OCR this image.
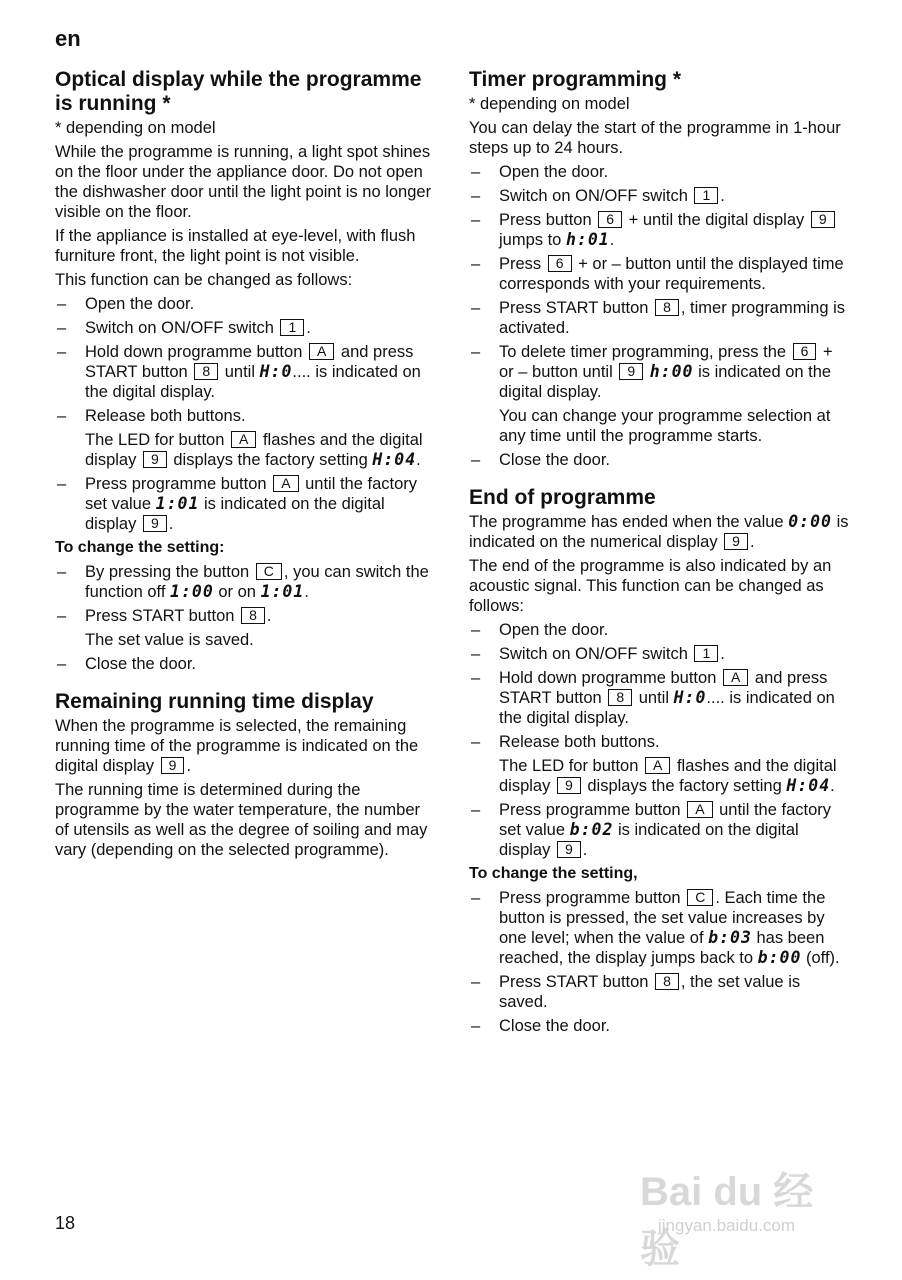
en
Optical display while the programme is running *

* depending on model

While the programme is running, a light spot shines on the floor under the appliance door. Do not open the dishwasher door until the light point is no longer visible on the floor.

If the appliance is installed at eye-level, with flush furniture front, the light point is not visible.

This function can be changed as follows:

– Open the door.
– Switch on ON/OFF switch 1 .
– Hold down programme button A and press START button 8 until H:0.... is indicated on the digital display.
– Release both buttons.
The LED for button A flashes and the digital display 9 displays the factory setting H:04.
– Press programme button A until the factory set value 1:01 is indicated on the digital display 9 .
To change the setting:
– By pressing the button C , you can switch the function off 1:00 or on 1:01.
– Press START button 8 .
The set value is saved.
– Close the door.
Remaining running time display

When the programme is selected, the remaining running time of the programme is indicated on the digital display 9 .

The running time is determined during the programme by the water temperature, the number of utensils as well as the degree of soiling and may vary (depending on the selected programme).

Timer programming *

* depending on model

You can delay the start of the programme in 1-hour steps up to 24 hours.

– Open the door.
– Switch on ON/OFF switch 1 .
– Press button 6 + until the digital display 9 jumps to h:01.
– Press 6 + or – button until the displayed time corresponds with your requirements.
– Press START button 8 , timer programming is activated.
– To delete timer programming, press the 6 + or – button until 9 h:00 is indicated on the digital display.
You can change your programme selection at any time until the programme starts.
– Close the door.
End of programme

The programme has ended when the value 0:00 is indicated on the numerical display 9 .

The end of the programme is also indicated by an acoustic signal. This function can be changed as follows:

– Open the door.
– Switch on ON/OFF switch 1 .
– Hold down programme button A and press START button 8 until H:0.... is indicated on the digital display.
– Release both buttons.
The LED for button A flashes and the digital display 9 displays the factory setting H:04.
– Press programme button A until the factory set value b:02 is indicated on the digital display 9 .
To change the setting,
– Press programme button C . Each time the button is pressed, the set value increases by one level; when the value of b:03 has been reached, the display jumps back to b:00 (off).
– Press START button 8 , the set value is saved.
– Close the door.
18
Bai du 经验
jingyan.baidu.com
